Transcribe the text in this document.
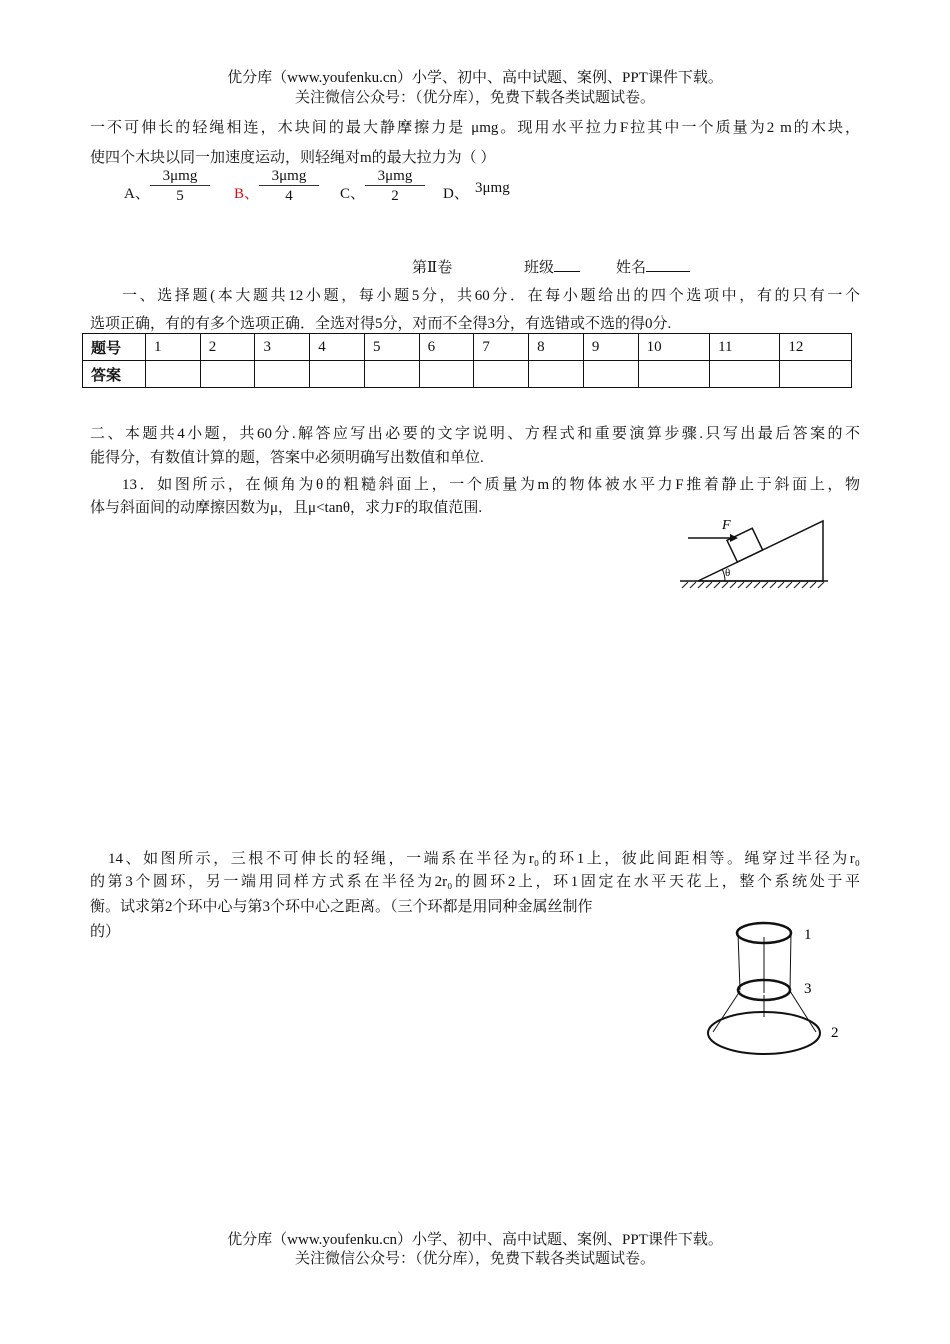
优分库（www.youfenku.cn）小学、初中、高中试题、案例、PPT课件下载。
关注微信公众号：（优分库），免费下载各类试题试卷。
一不可伸长的轻绳相连，木块间的最大静摩擦力是 μmg。现用水平拉力F拉其中一个质量为2 m的木块，
使四个木块以同一加速度运动，则轻绳对m的最大拉力为（ ）
A、
3μmg
5	B、
3μmg
4	C、
3μmg
2	D、 3μmg
第Ⅱ卷	班级	姓名
一、选择题(本大题共12小题，每小题5分，共60分．在每小题给出的四个选项中，有的只有一个
选项正确，有的有多个选项正确．全选对得5分，对而不全得3分，有选错或不选的得0分.
题号	1	2	3	4	5	6	7	8	9	10	11	12
答案												
二、本题共4小题，共60分.解答应写出必要的文字说明、方程式和重要演算步骤.只写出最后答案的不
能得分，有数值计算的题，答案中必须明确写出数值和单位.
13．如图所示，在倾角为θ的粗糙斜面上，一个质量为m的物体被水平力F推着静止于斜面上，物
体与斜面间的动摩擦因数为μ，且μ<tanθ，求力F的取值范围.
θ
F
14、如图所示，三根不可伸长的轻绳，一端系在半径为r₀的环1上，彼此间距相等。绳穿过半径为r₀
的第3个圆环，另一端用同样方式系在半径为2r₀的圆环2上，环1固定在水平天花上，整个系统处于平
衡。试求第2个环中心与第3个环中心之距离。（三个环都是用同种金属丝制作
的）	1
3
2
优分库（www.youfenku.cn）小学、初中、高中试题、案例、PPT课件下载。
关注微信公众号：（优分库），免费下载各类试题试卷。
